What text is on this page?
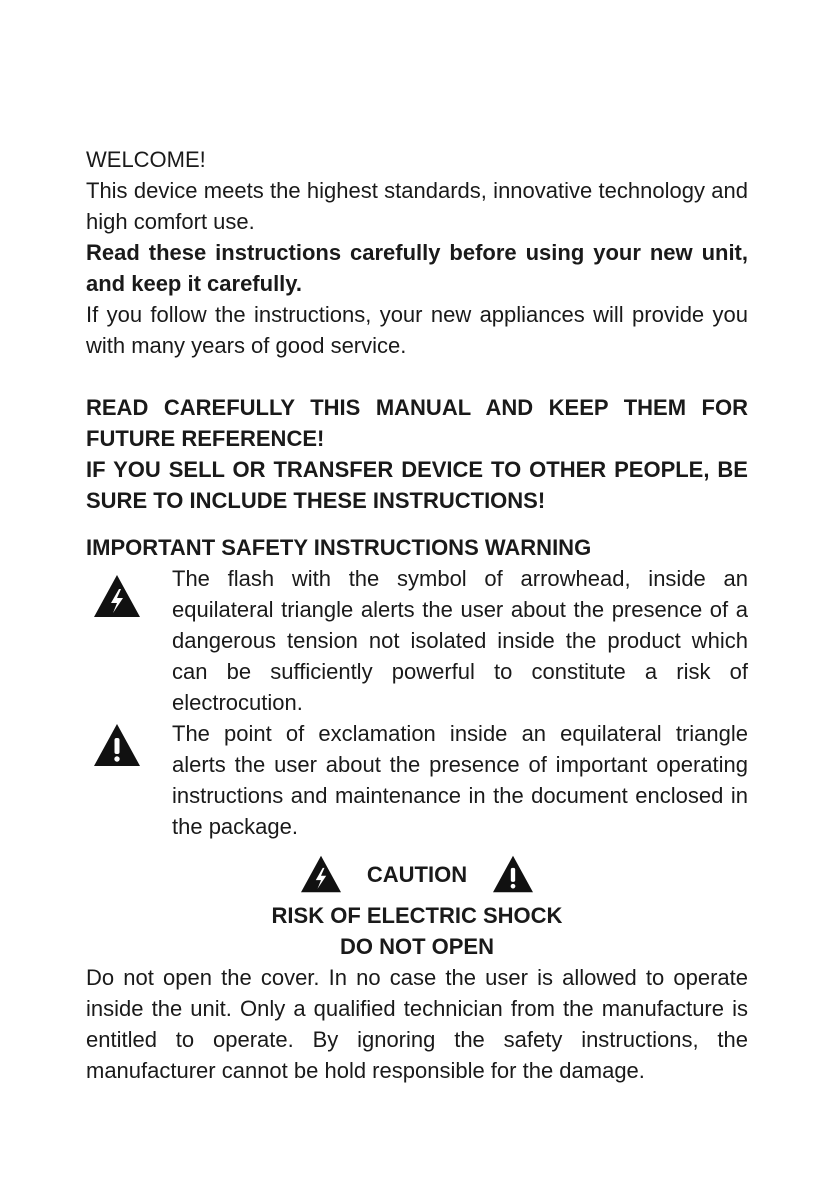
WELCOME!

This device meets the highest standards, innovative technology and high comfort use.

Read these instructions carefully before using your new unit, and keep it carefully.

If you follow the instructions, your new appliances will provide you with many years of good service.

READ CAREFULLY THIS MANUAL AND KEEP THEM FOR FUTURE REFERENCE!

IF YOU SELL OR TRANSFER DEVICE TO OTHER PEOPLE, BE SURE TO INCLUDE THESE INSTRUCTIONS!

IMPORTANT SAFETY INSTRUCTIONS WARNING

The flash with the symbol of arrowhead, inside an equilateral triangle alerts the user about the presence of a dangerous tension not isolated inside the product which can be sufficiently powerful to constitute a risk of electrocution.

The point of exclamation inside an equilateral triangle alerts the user about the presence of important operating instructions and maintenance in the document enclosed in the package.

CAUTION

RISK OF ELECTRIC SHOCK

DO NOT OPEN

Do not open the cover. In no case the user is allowed to operate inside the unit. Only a qualified technician from the manufacture is entitled to operate. By ignoring the safety instructions, the manufacturer cannot be hold responsible for the damage.
